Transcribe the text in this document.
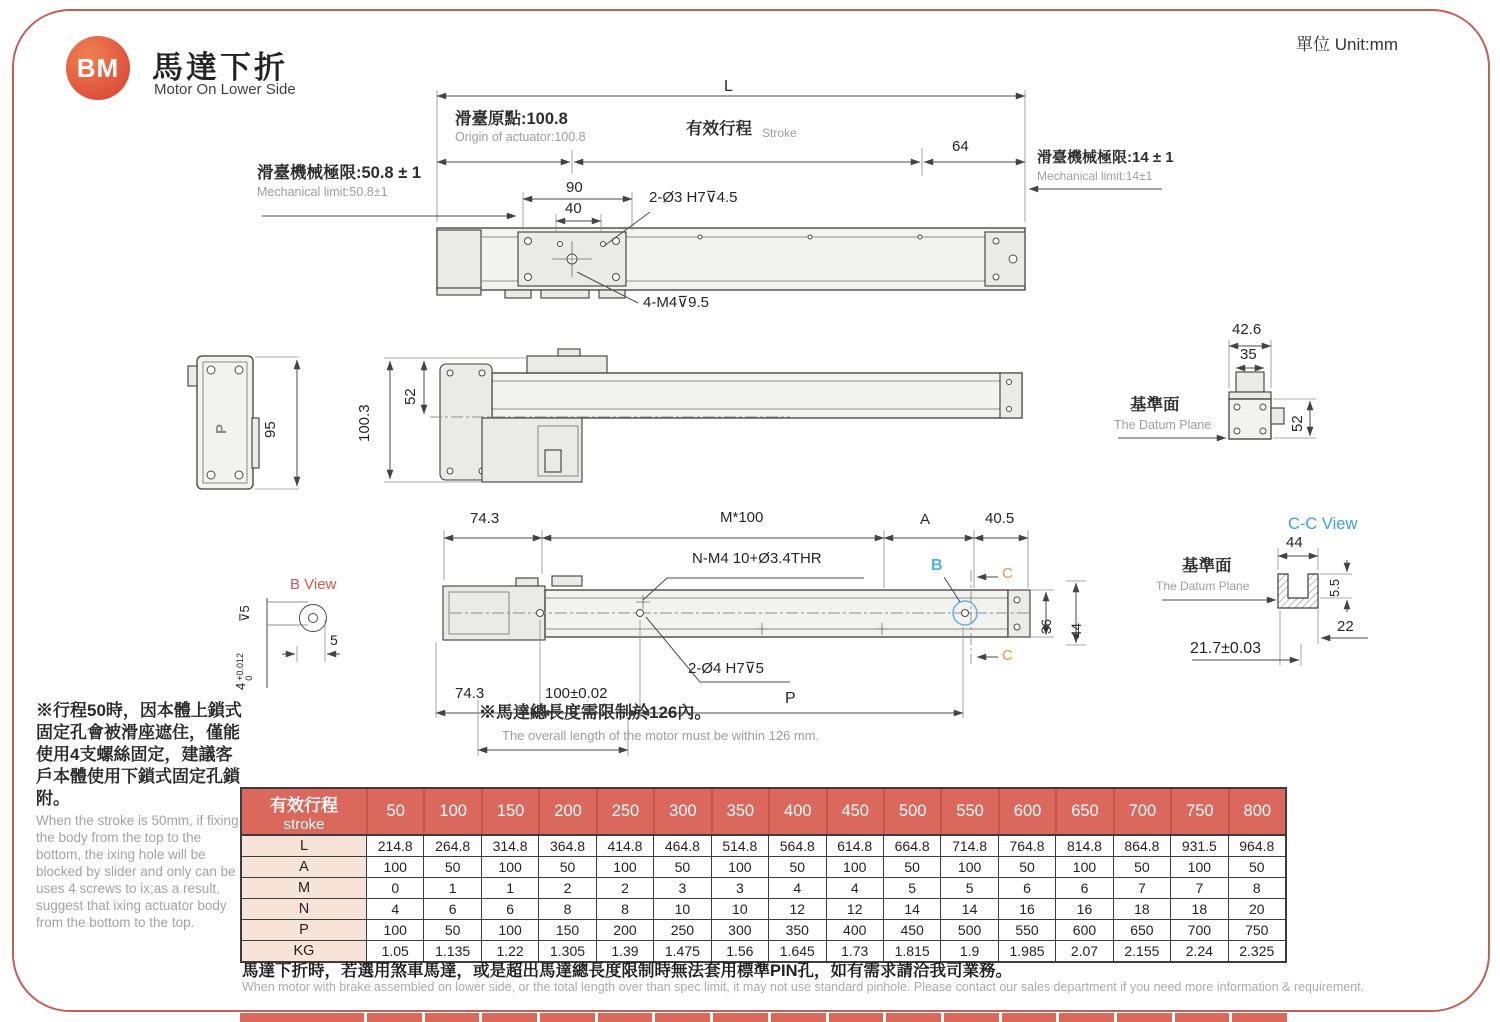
BM 馬達下折
Motor On Lower Side
單位 Unit:mm
L
滑臺原點:100.8
Origin of actuator:100.8	有效行程 Stroke
64
滑臺機械極限:50.8 ± 1
Mechanical limit:50.8±1
滑臺機械極限:14 ± 1
Mechanical limit:14±1
90
40
2-Ø3 H7⊽4.5
4-M4⊽9.5
95
P	100.3
52
42.6
35
基準面
The Datum Plane	52
74.3	M*100	A	40.5
N-M4 10+Ø3.4THR	B	C
C
36 44
2-Ø4 H7⊽5
74.3	100±0.02	P
※馬達總長度需限制於126內。
The overall length of the motor must be within 126 mm.
B View
⊽5
4
+0.012 0
5
C-C View
44
5.5
基準面
The Datum Plane
22
21.7±0.03

※行程50時，因本體上鎖式固定孔會被滑座遮住，僅能使用4支螺絲固定，建議客戶本體使用下鎖式固定孔鎖附。

When the stroke is 50mm, if fixing the body from the top to the bottom, the ixing hole will be blocked by slider and only can be uses 4 screws to ix;as a result, suggest that ixing actuator body from the bottom to the top.

有效行程
stroke
50	100	150	200	250	300	350	400	450	500	550	600	650	700	750	800
L	214.8	264.8	314.8	364.8	414.8	464.8	514.8	564.8	614.8	664.8	714.8	764.8	814.8	864.8	931.5	964.8
A	100	50	100	50	100	50	100	50	100	50	100	50	100	50	100	50
M	0	1	1	2	2	3	3	4	4	5	5	6	6	7	7	8
N	4	6	6	8	8	10	10	12	12	14	14	16	16	18	18	20
P	100	50	100	150	200	250	300	350	400	450	500	550	600	650	700	750
KG	1.05	1.135	1.22	1.305	1.39	1.475	1.56	1.645	1.73	1.815	1.9	1.985	2.07	2.155	2.24	2.325
馬達下折時，若選用煞車馬達，或是超出馬達總長度限制時無法套用標準PIN孔，如有需求請洽我司業務。
When motor with brake assembled on lower side, or the total length over than spec limit, it may not use standard pinhole. Please contact our sales department if you need more information & requirement.
